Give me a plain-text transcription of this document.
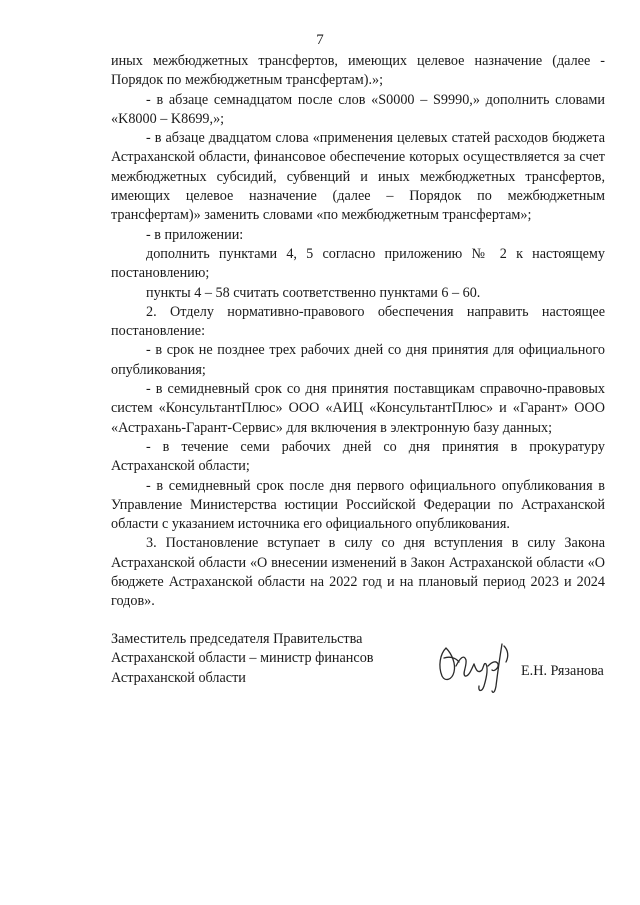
7

иных межбюджетных трансфертов, имеющих целевое назначение (далее - Порядок по межбюджетным трансфертам).»;

- в абзаце семнадцатом после слов «S0000 – S9990,» дополнить словами «K8000 – K8699,»;

- в абзаце двадцатом слова «применения целевых статей расходов бюджета Астраханской области, финансовое обеспечение которых осуществляется за счет межбюджетных субсидий, субвенций и иных межбюджетных трансфертов, имеющих целевое назначение (далее – Порядок по межбюджетным трансфертам)» заменить словами «по межбюджетным трансфертам»;

- в приложении:

дополнить пунктами 4, 5 согласно приложению № 2 к настоящему постановлению;

пункты 4 – 58 считать соответственно пунктами 6 – 60.

2. Отделу нормативно-правового обеспечения направить настоящее постановление:

- в срок не позднее трех рабочих дней со дня принятия для официального опубликования;

- в семидневный срок со дня принятия поставщикам справочно-правовых систем «КонсультантПлюс» ООО «АИЦ «КонсультантПлюс» и «Гарант» ООО «Астрахань-Гарант-Сервис» для включения в электронную базу данных;

- в течение семи рабочих дней со дня принятия в прокуратуру Астраханской области;

- в семидневный срок после дня первого официального опубликования в Управление Министерства юстиции Российской Федерации по Астраханской области с указанием источника его официального опубликования.

3. Постановление вступает в силу со дня вступления в силу Закона Астраханской области «О внесении изменений в Закон Астраханской области «О бюджете Астраханской области на 2022 год и на плановый период 2023 и 2024 годов».

Заместитель председателя Правительства
Астраханской области – министр финансов
Астраханской области	Е.Н. Рязанова
